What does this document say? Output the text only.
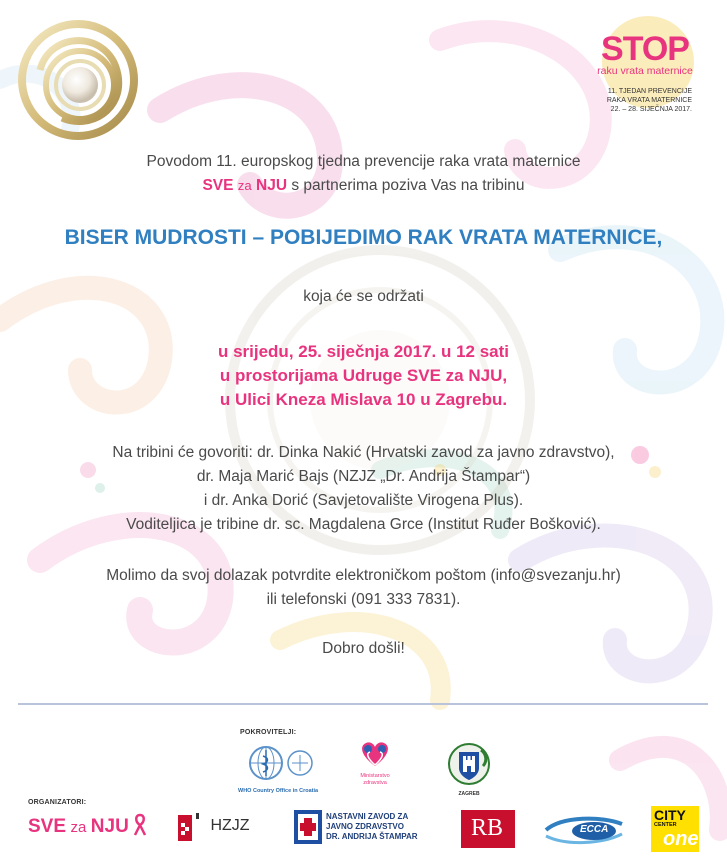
STOP
raku vrata maternice
11. TJEDAN PREVENCIJE
RAKA VRATA MATERNICE
22. – 28. SIJEČNJA 2017.
Povodom 11. europskog tjedna prevencije raka vrata maternice
SVE za NJU s partnerima poziva Vas na tribinu
BISER MUDROSTI – POBIJEDIMO RAK VRATA MATERNICE,
koja će se održati
u srijedu, 25. siječnja 2017. u 12 sati
u prostorijama Udruge SVE za NJU,
u Ulici Kneza Mislava 10 u Zagrebu.
Na tribini će govoriti: dr. Dinka Nakić (Hrvatski zavod za javno zdravstvo),
dr. Maja Marić Bajs (NZJZ „Dr. Andrija Štampar“)
i dr. Anka Dorić (Savjetovalište Virogena Plus).
Voditeljica je tribine dr. sc. Magdalena Grce (Institut Ruđer Bošković).
Molimo da svoj dolazak potvrdite elektroničkom poštom (info@svezanju.hr)
ili telefonski (091 333 7831).
Dobro došli!
POKROVITELJI:
WHO Country Office in Croatia
Ministarstvo
zdravstva
ZAGREB
ORGANIZATORI:
SVE za NJU	HZJZ
NASTAVNI ZAVOD ZA
JAVNO ZDRAVSTVO
DR. ANDRIJA ŠTAMPAR RB	ECCA
CITY
CENTER
one
